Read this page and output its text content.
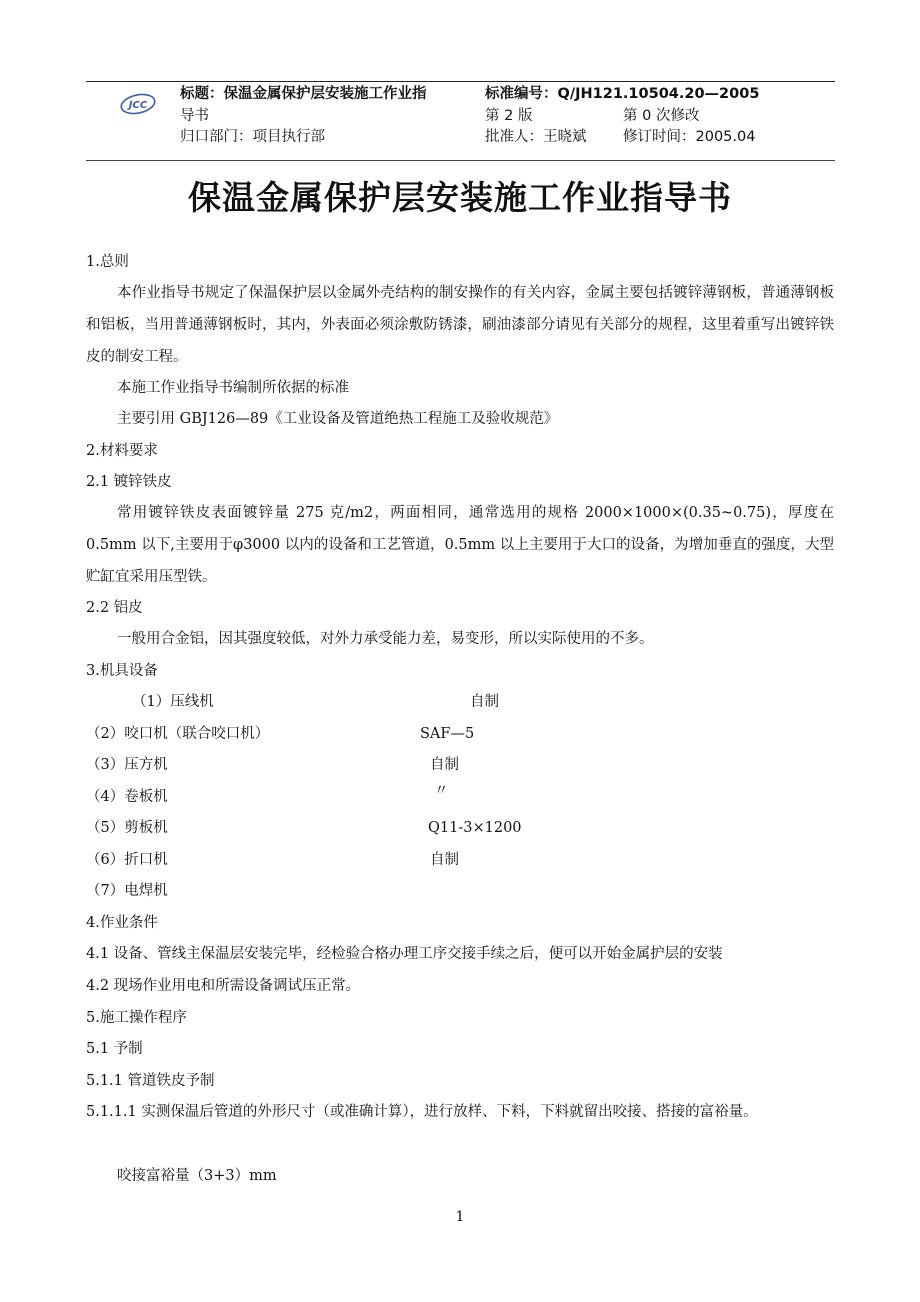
JCC
标题：保温金属保护层安装施工作业指
导书
归口部门：项目执行部
标准编号：Q/JH121.10504.20—2005
第 2 版	第 0 次修改
批准人：王晓斌	修订时间：2005.04
保温金属保护层安装施工作业指导书
1.总则
本作业指导书规定了保温保护层以金属外壳结构的制安操作的有关内容，金属主要包括镀锌薄钢板，普通薄钢板和铝板，当用普通薄钢板时，其内，外表面必须涂敷防锈漆，刷油漆部分请见有关部分的规程，这里着重写出镀锌铁皮的制安工程。
本施工作业指导书编制所依据的标准
主要引用 GBJ126—89《工业设备及管道绝热工程施工及验收规范》
2.材料要求
2.1 镀锌铁皮
常用镀锌铁皮表面镀锌量 275 克/m2，两面相同，通常选用的规格 2000×1000×(0.35~0.75)，厚度在 0.5mm 以下,主要用于φ3000 以内的设备和工艺管道，0.5mm 以上主要用于大口的设备，为增加垂直的强度，大型贮缸宜采用压型铁。
2.2 铝皮
一般用合金铝，因其强度较低，对外力承受能力差，易变形，所以实际使用的不多。
3.机具设备
（1）压线机	自制
（2）咬口机（联合咬口机）	SAF—5
（3）压方机	自制
（4）卷板机	〃
（5）剪板机	Q11-3×1200
（6）折口机	自制
（7）电焊机
4.作业条件
4.1 设备、管线主保温层安装完毕，经检验合格办理工序交接手续之后，便可以开始金属护层的安装
4.2 现场作业用电和所需设备调试压正常。
5.施工操作程序
5.1 予制
5.1.1 管道铁皮予制
5.1.1.1 实测保温后管道的外形尺寸（或准确计算），进行放样、下料，下料就留出咬接、搭接的富裕量。
咬接富裕量（3+3）mm
1
